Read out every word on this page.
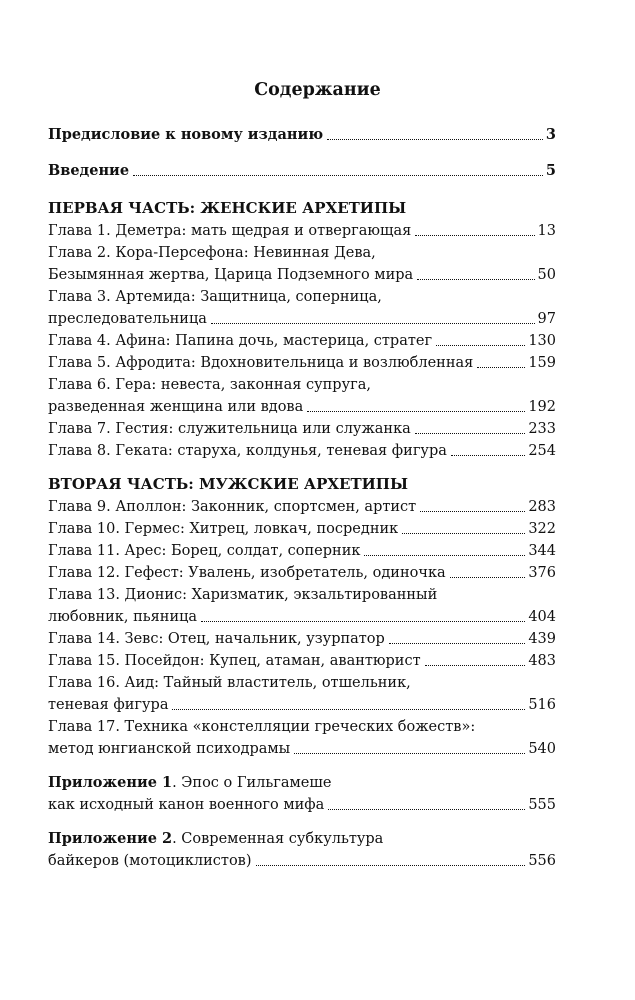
Содержание
Предисловие к новому изданию	3
Введение	5
ПЕРВАЯ ЧАСТЬ: ЖЕНСКИЕ АРХЕТИПЫ
Глава 1. Деметра: мать щедрая и отвергающая	13
Глава 2. Кора-Персефона: Невинная Дева,
Безымянная жертва, Царица Подземного мира	50
Глава 3. Артемида: Защитница, соперница,
преследовательница	97
Глава 4. Афина: Папина дочь, мастерица, стратег	130
Глава 5. Афродита: Вдохновительница и возлюбленная	159
Глава 6. Гера: невеста, законная супруга,
разведенная женщина или вдова	192
Глава 7. Гестия: служительница или служанка	233
Глава 8. Геката: старуха, колдунья, теневая фигура	254
ВТОРАЯ ЧАСТЬ: МУЖСКИЕ АРХЕТИПЫ
Глава 9. Аполлон: Законник, спортсмен, артист	283
Глава 10. Гермес: Хитрец, ловкач, посредник	322
Глава 11. Арес: Борец, солдат, соперник	344
Глава 12. Гефест: Увалень, изобретатель, одиночка	376
Глава 13. Дионис: Харизматик, экзальтированный
любовник, пьяница	404
Глава 14. Зевс: Отец, начальник, узурпатор	439
Глава 15. Посейдон: Купец, атаман, авантюрист	483
Глава 16. Аид: Тайный властитель, отшельник,
теневая фигура	516
Глава 17. Техника «констелляции греческих божеств»:
метод юнгианской психодрамы	540
Приложение 1. Эпос о Гильгамеше
как исходный канон военного мифа	555
Приложение 2. Современная субкультура
байкеров (мотоциклистов)	556
